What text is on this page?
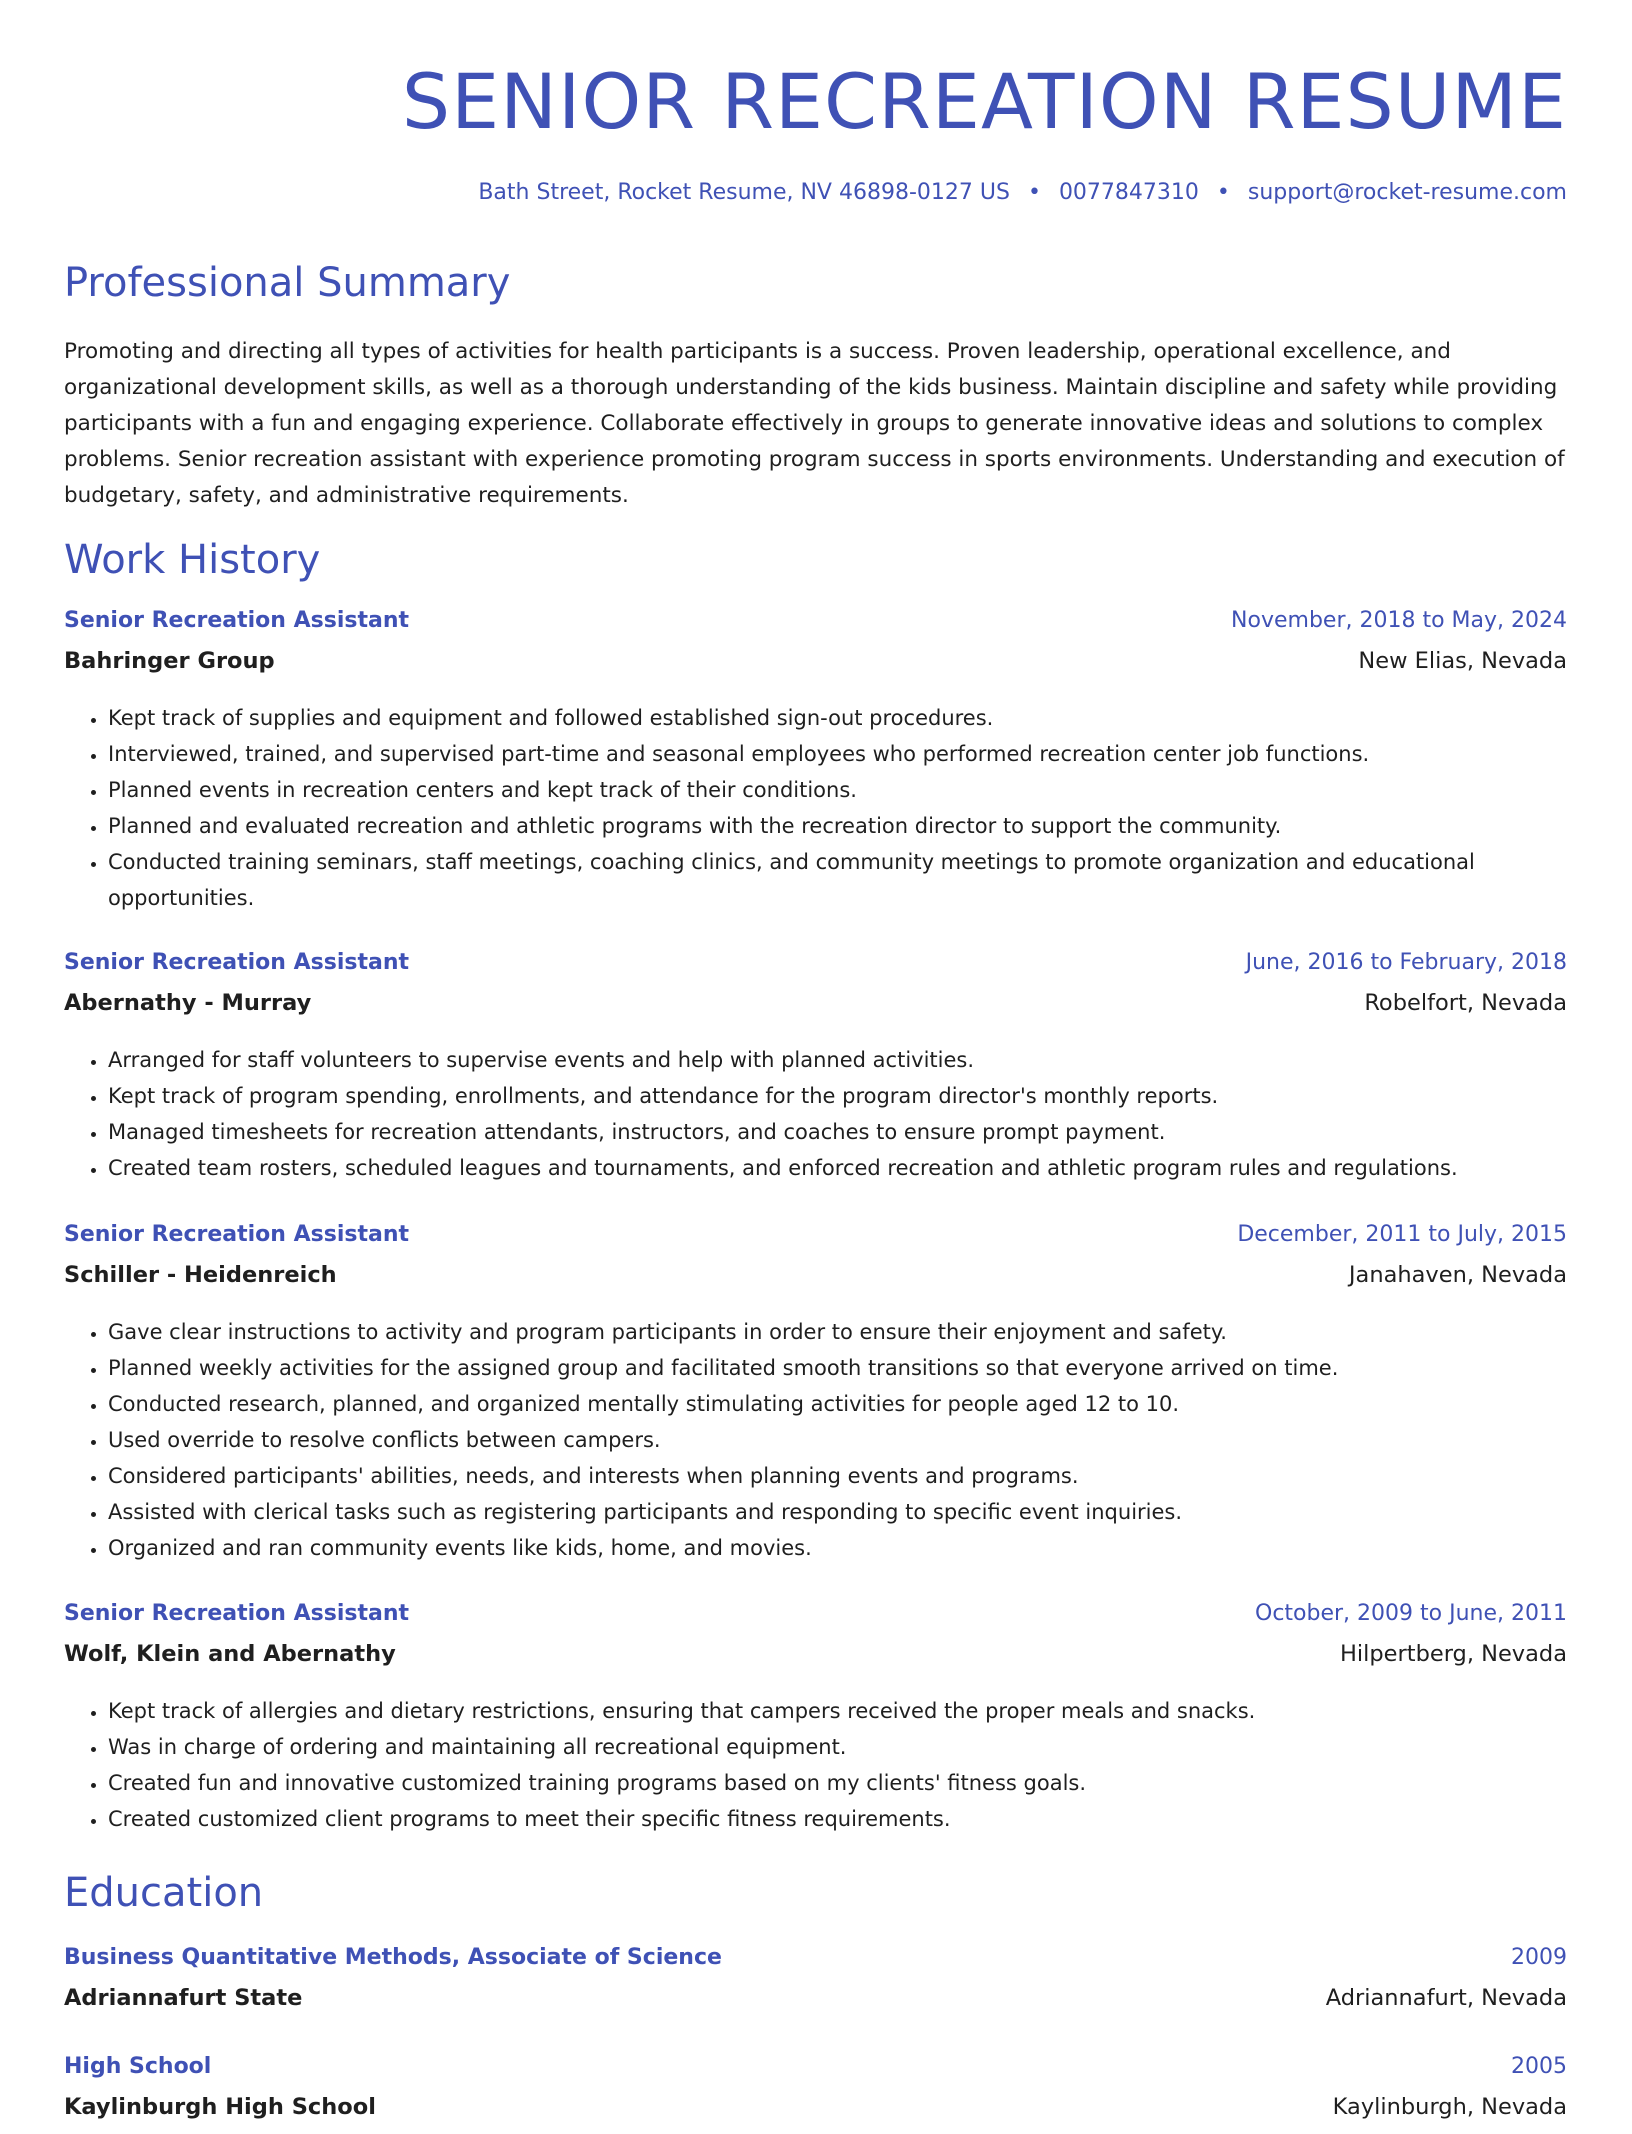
SENIOR RECREATION RESUME
Bath Street, Rocket Resume, NV 46898-0127 US • 0077847310 • support@rocket-resume.com
Professional Summary

Promoting and directing all types of activities for health participants is a success. Proven leadership, operational excellence, and organizational development skills, as well as a thorough understanding of the kids business. Maintain discipline and safety while providing participants with a fun and engaging experience. Collaborate effectively in groups to generate innovative ideas and solutions to complex problems. Senior recreation assistant with experience promoting program success in sports environments. Understanding and execution of budgetary, safety, and administrative requirements.

Work History
Senior Recreation Assistant	November, 2018 to May, 2024
Bahringer Group	New Elias, Nevada
• Kept track of supplies and equipment and followed established sign-out procedures.
• Interviewed, trained, and supervised part-time and seasonal employees who performed recreation center job functions.
• Planned events in recreation centers and kept track of their conditions.
• Planned and evaluated recreation and athletic programs with the recreation director to support the community.
• Conducted training seminars, staff meetings, coaching clinics, and community meetings to promote organization and educational opportunities.
Senior Recreation Assistant	June, 2016 to February, 2018
Abernathy - Murray	Robelfort, Nevada
• Arranged for staff volunteers to supervise events and help with planned activities.
• Kept track of program spending, enrollments, and attendance for the program director's monthly reports.
• Managed timesheets for recreation attendants, instructors, and coaches to ensure prompt payment.
• Created team rosters, scheduled leagues and tournaments, and enforced recreation and athletic program rules and regulations.
Senior Recreation Assistant	December, 2011 to July, 2015
Schiller - Heidenreich	Janahaven, Nevada
• Gave clear instructions to activity and program participants in order to ensure their enjoyment and safety.
• Planned weekly activities for the assigned group and facilitated smooth transitions so that everyone arrived on time.
• Conducted research, planned, and organized mentally stimulating activities for people aged 12 to 10.
• Used override to resolve conflicts between campers.
• Considered participants' abilities, needs, and interests when planning events and programs.
• Assisted with clerical tasks such as registering participants and responding to specific event inquiries.
• Organized and ran community events like kids, home, and movies.
Senior Recreation Assistant	October, 2009 to June, 2011
Wolf, Klein and Abernathy	Hilpertberg, Nevada
• Kept track of allergies and dietary restrictions, ensuring that campers received the proper meals and snacks.
• Was in charge of ordering and maintaining all recreational equipment.
• Created fun and innovative customized training programs based on my clients' fitness goals.
• Created customized client programs to meet their specific fitness requirements.
Education
Business Quantitative Methods, Associate of Science	2009
Adriannafurt State	Adriannafurt, Nevada
High School	2005
Kaylinburgh High School	Kaylinburgh, Nevada
